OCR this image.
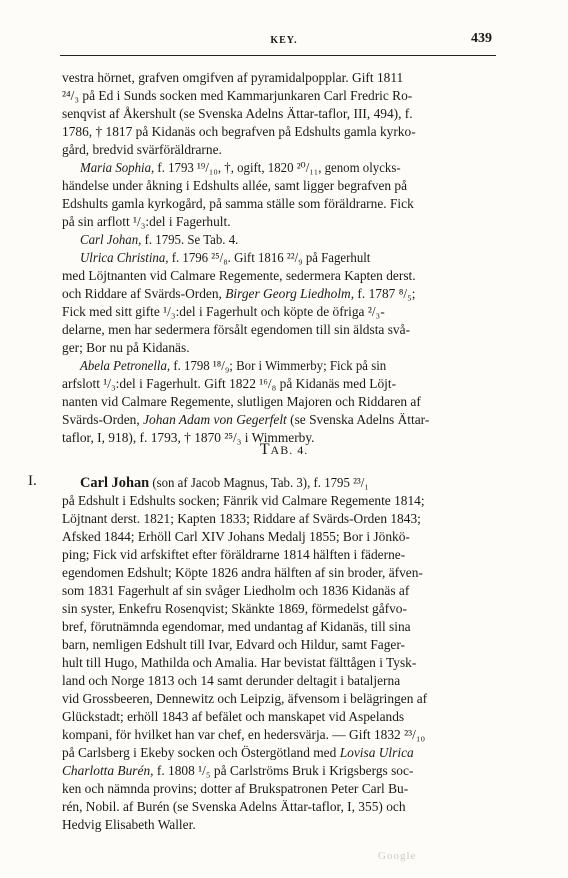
KEY.	439
vestra hörnet, grafven omgifven af pyramidalpopplar. Gift 1811
²⁴/₃ på Ed i Sunds socken med Kammarjunkaren Carl Fredric Ro-
senqvist af Åkershult (se Svenska Adelns Ättar-taflor, III, 494), f.
1786, † 1817 på Kidanäs och begrafven på Edshults gamla kyrko-
gård, bredvid svärföräldrarne.
Maria Sophia, f. 1793 ¹⁹/₁₀, †, ogift, 1820 ²⁰/₁₁, genom olycks-
händelse under åkning i Edshults allée, samt ligger begrafven på
Edshults gamla kyrkogård, på samma ställe som föräldrarne. Fick
på sin arflott ¹/₃:del i Fagerhult.
Carl Johan, f. 1795. Se Tab. 4.
Ulrica Christina, f. 1796 ²⁵/₈. Gift 1816 ²²/₉ på Fagerhult
med Löjtnanten vid Calmare Regemente, sedermera Kapten derst.
och Riddare af Svärds-Orden, Birger Georg Liedholm, f. 1787 ⁸/₅;
Fick med sitt gifte ¹/₃:del i Fagerhult och köpte de öfriga ²/₃-
delarne, men har sedermera försålt egendomen till sin äldsta svå-
ger; Bor nu på Kidanäs.
Abela Petronella, f. 1798 ¹⁸/₉; Bor i Wimmerby; Fick på sin
arfslott ¹/₃:del i Fagerhult. Gift 1822 ¹⁶/₈ på Kidanäs med Löjt-
nanten vid Calmare Regemente, slutligen Majoren och Riddaren af
Svärds-Orden, Johan Adam von Gegerfelt (se Svenska Adelns Ättar-
taflor, I, 918), f. 1793, † 1870 ²⁵/₃ i Wimmerby.
TAB. 4.
I.	Carl Johan (son af Jacob Magnus, Tab. 3), f. 1795 ²³/₁
på Edshult i Edshults socken; Fänrik vid Calmare Regemente 1814;
Löjtnant derst. 1821; Kapten 1833; Riddare af Svärds-Orden 1843;
Afsked 1844; Erhöll Carl XIV Johans Medalj 1855; Bor i Jönkö-
ping; Fick vid arfskiftet efter föräldrarne 1814 hälften i fäderne-
egendomen Edshult; Köpte 1826 andra hälften af sin broder, äfven-
som 1831 Fagerhult af sin svåger Liedholm och 1836 Kidanäs af
sin syster, Enkefru Rosenqvist; Skänkte 1869, förmedelst gåfvo-
bref, förutnämnda egendomar, med undantag af Kidanäs, till sina
barn, nemligen Edshult till Ivar, Edvard och Hildur, samt Fager-
hult till Hugo, Mathilda och Amalia. Har bevistat fälttågen i Tysk-
land och Norge 1813 och 14 samt derunder deltagit i bataljerna
vid Grossbeeren, Dennewitz och Leipzig, äfvensom i belägringen af
Glückstadt; erhöll 1843 af befälet och manskapet vid Aspelands
kompani, för hvilket han var chef, en hedersvärja. — Gift 1832 ²³/₁₀
på Carlsberg i Ekeby socken och Östergötland med Lovisa Ulrica
Charlotta Burén, f. 1808 ¹/₅ på Carlströms Bruk i Krigsbergs soc-
ken och nämnda provins; dotter af Brukspatronen Peter Carl Bu-
rén, Nobil. af Burén (se Svenska Adelns Ättar-taflor, I, 355) och
Hedvig Elisabeth Waller.
Google
